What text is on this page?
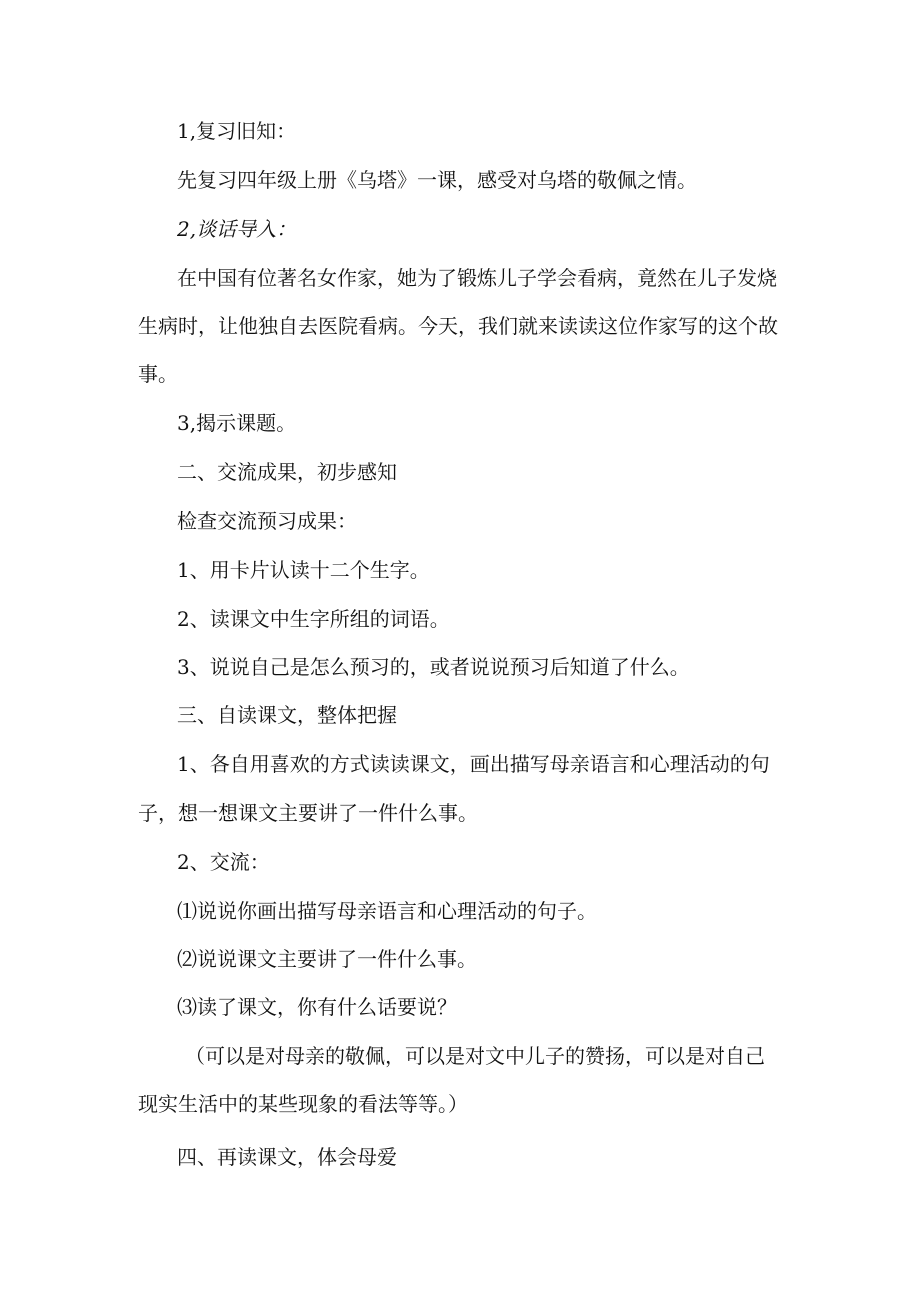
1,复习旧知：
先复习四年级上册《乌塔》一课，感受对乌塔的敬佩之情。
2,谈话导入：
在中国有位著名女作家，她为了锻炼儿子学会看病，竟然在儿子发烧
生病时，让他独自去医院看病。今天，我们就来读读这位作家写的这个故
事。
3,揭示课题。
二、交流成果，初步感知
检查交流预习成果：
1、用卡片认读十二个生字。
2、读课文中生字所组的词语。
3、说说自己是怎么预习的，或者说说预习后知道了什么。
三、自读课文，整体把握
1、各自用喜欢的方式读读课文，画出描写母亲语言和心理活动的句
子，想一想课文主要讲了一件什么事。
2、交流：
⑴说说你画出描写母亲语言和心理活动的句子。
⑵说说课文主要讲了一件什么事。
⑶读了课文，你有什么话要说？
（可以是对母亲的敬佩，可以是对文中儿子的赞扬，可以是对自己
现实生活中的某些现象的看法等等。）
四、再读课文，体会母爱
